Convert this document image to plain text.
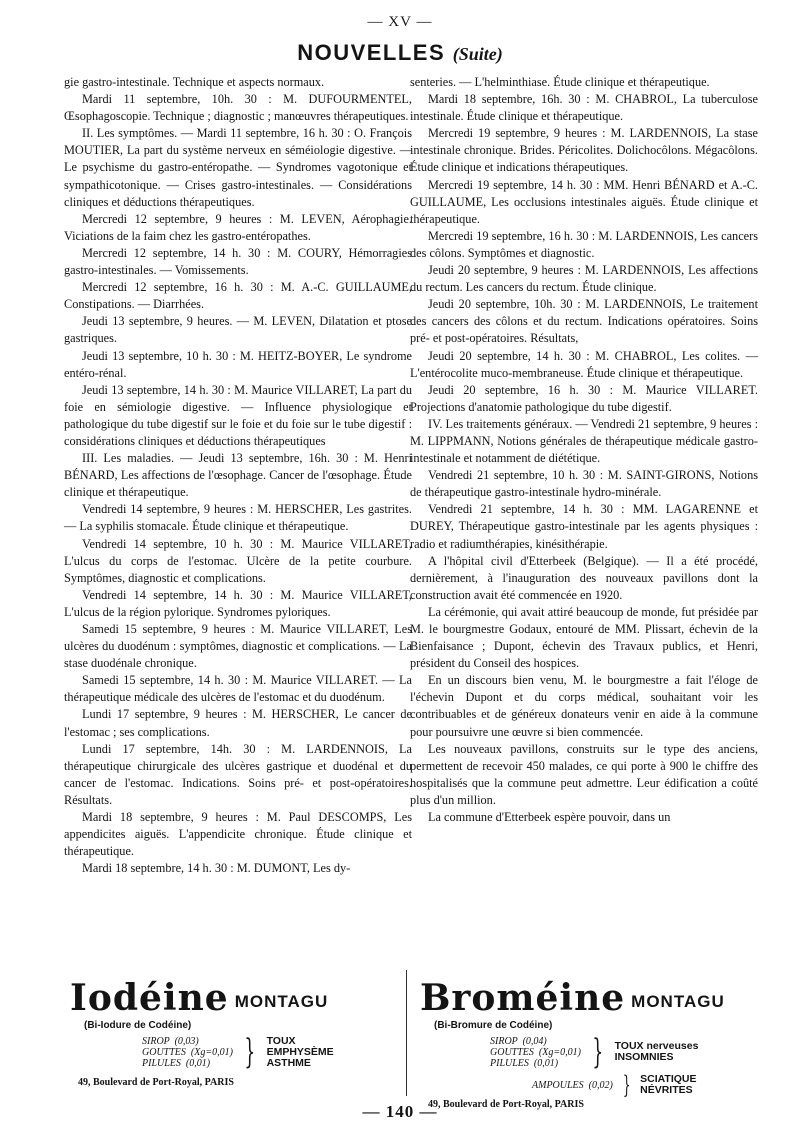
— XV —
NOUVELLES (Suite)

gie gastro-intestinale. Technique et aspects normaux.

Mardi 11 septembre, 10h. 30 : M. DUFOURMENTEL, Œsophagoscopie. Technique ; diagnostic ; manœuvres thérapeutiques.

II. Les symptômes. — Mardi 11 septembre, 16 h. 30 : O. François MOUTIER, La part du système nerveux en séméiologie digestive. — Le psychisme du gastro-entéropathe. — Syndromes vagotonique et sympathicotonique. — Crises gastro-intestinales. — Considérations cliniques et déductions thérapeutiques.

Mercredi 12 septembre, 9 heures : M. LEVEN, Aérophagie. Viciations de la faim chez les gastro-entéropathes.

Mercredi 12 septembre, 14 h. 30 : M. COURY, Hémorragies gastro-intestinales. — Vomissements.

Mercredi 12 septembre, 16 h. 30 : M. A.-C. GUILLAUME, Constipations. — Diarrhées.

Jeudi 13 septembre, 9 heures. — M. LEVEN, Dilatation et ptose gastriques.

Jeudi 13 septembre, 10 h. 30 : M. HEITZ-BOYER, Le syndrome entéro-rénal.

Jeudi 13 septembre, 14 h. 30 : M. Maurice VILLARET, La part du foie en sémiologie digestive. — Influence physiologique et pathologique du tube digestif sur le foie et du foie sur le tube digestif : considérations cliniques et déductions thérapeutiques

III. Les maladies. — Jeudi 13 septembre, 16h. 30 : M. Henri BÉNARD, Les affections de l'œsophage. Cancer de l'œsophage. Étude clinique et thérapeutique.

Vendredi 14 septembre, 9 heures : M. HERSCHER, Les gastrites. — La syphilis stomacale. Étude clinique et thérapeutique.

Vendredi 14 septembre, 10 h. 30 : M. Maurice VILLARET, L'ulcus du corps de l'estomac. Ulcère de la petite courbure. Symptômes, diagnostic et complications.

Vendredi 14 septembre, 14 h. 30 : M. Maurice VILLARET, L'ulcus de la région pylorique. Syndromes pyloriques.

Samedi 15 septembre, 9 heures : M. Maurice VILLARET, Les ulcères du duodénum : symptômes, diagnostic et complications. — La stase duodénale chronique.

Samedi 15 septembre, 14 h. 30 : M. Maurice VILLARET. — La thérapeutique médicale des ulcères de l'estomac et du duodénum.

Lundi 17 septembre, 9 heures : M. HERSCHER, Le cancer de l'estomac ; ses complications.

Lundi 17 septembre, 14h. 30 : M. LARDENNOIS, La thérapeutique chirurgicale des ulcères gastrique et duodénal et du cancer de l'estomac. Indications. Soins pré- et post-opératoires. Résultats.

Mardi 18 septembre, 9 heures : M. Paul DESCOMPS, Les appendicites aiguës. L'appendicite chronique. Étude clinique et thérapeutique.

Mardi 18 septembre, 14 h. 30 : M. DUMONT, Les dy-

senteries. — L'helminthiase. Étude clinique et thérapeutique.

Mardi 18 septembre, 16h. 30 : M. CHABROL, La tuberculose intestinale. Étude clinique et thérapeutique.

Mercredi 19 septembre, 9 heures : M. LARDENNOIS, La stase intestinale chronique. Brides. Péricolites. Dolichocôlons. Mégacôlons. Étude clinique et indications thérapeutiques.

Mercredi 19 septembre, 14 h. 30 : MM. Henri BÉNARD et A.-C. GUILLAUME, Les occlusions intestinales aiguës. Étude clinique et thérapeutique.

Mercredi 19 septembre, 16 h. 30 : M. LARDENNOIS, Les cancers des côlons. Symptômes et diagnostic.

Jeudi 20 septembre, 9 heures : M. LARDENNOIS, Les affections du rectum. Les cancers du rectum. Étude clinique.

Jeudi 20 septembre, 10h. 30 : M. LARDENNOIS, Le traitement des cancers des côlons et du rectum. Indications opératoires. Soins pré- et post-opératoires. Résultats,

Jeudi 20 septembre, 14 h. 30 : M. CHABROL, Les colites. — L'entérocolite muco-membraneuse. Étude clinique et thérapeutique.

Jeudi 20 septembre, 16 h. 30 : M. Maurice VILLARET. Projections d'anatomie pathologique du tube digestif.

IV. Les traitements généraux. — Vendredi 21 septembre, 9 heures : M. LIPPMANN, Notions générales de thérapeutique médicale gastro-intestinale et notamment de diététique.

Vendredi 21 septembre, 10 h. 30 : M. SAINT-GIRONS, Notions de thérapeutique gastro-intestinale hydro-minérale.

Vendredi 21 septembre, 14 h. 30 : MM. LAGARENNE et DUREY, Thérapeutique gastro-intestinale par les agents physiques : radio et radiumthérapies, kinésithérapie.

A l'hôpital civil d'Etterbeek (Belgique). — Il a été procédé, dernièrement, à l'inauguration des nouveaux pavillons dont la construction avait été commencée en 1920.

La cérémonie, qui avait attiré beaucoup de monde, fut présidée par M. le bourgmestre Godaux, entouré de MM. Plissart, échevin de la Bienfaisance ; Dupont, échevin des Travaux publics, et Henri, président du Conseil des hospices.

En un discours bien venu, M. le bourgmestre a fait l'éloge de l'échevin Dupont et du corps médical, souhaitant voir les contribuables et de généreux donateurs venir en aide à la commune pour poursuivre une œuvre si bien commencée.

Les nouveaux pavillons, construits sur le type des anciens, permettent de recevoir 450 malades, ce qui porte à 900 le chiffre des hospitalisés que la commune peut admettre. Leur édification a coûté plus d'un million.

La commune d'Etterbeek espère pouvoir, dans un

Iodéine MONTAGU
(Bi-Iodure de Codéine)
SIROP  (0,03)
GOUTTES  (Xg=0,01)
PILULES  (0,01)	} TOUX
EMPHYSÈME
ASTHME
49, Boulevard de Port-Royal, PARIS
Broméine MONTAGU
(Bi-Bromure de Codéine)
SIROP  (0,04)
GOUTTES  (Xg=0,01)
PILULES  (0,01)	} TOUX nerveuses
INSOMNIES
AMPOULES  (0,02) } SCIATIQUE
NÉVRITES
49, Boulevard de Port-Royal, PARIS
— 140 —
